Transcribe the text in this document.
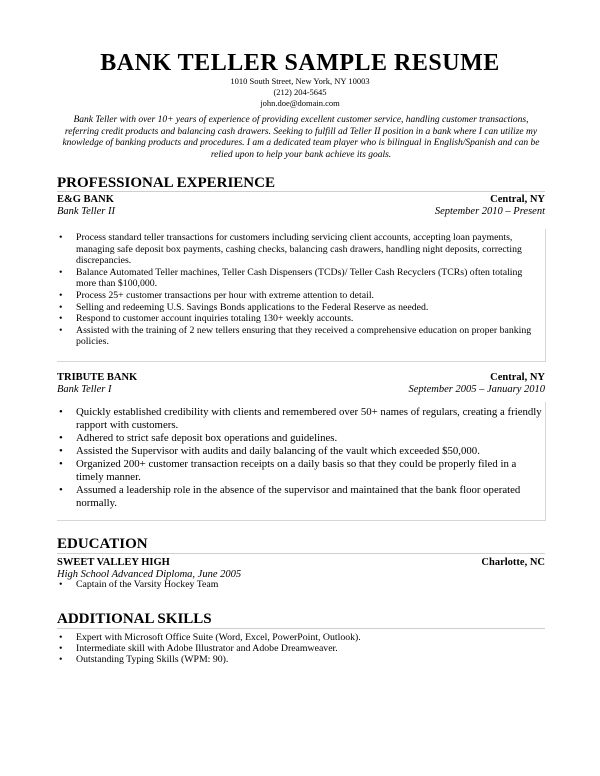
BANK TELLER SAMPLE RESUME
1010 South Street, New York, NY 10003
(212) 204-5645
john.doe@domain.com
Bank Teller with over 10+ years of experience of providing excellent customer service, handling customer transactions, referring credit products and balancing cash drawers. Seeking to fulfill ad Teller II position in a bank where I can utilize my knowledge of banking products and procedures. I am a dedicated team player who is bilingual in English/Spanish and can be relied upon to help your bank achieve its goals.
PROFESSIONAL EXPERIENCE
E&G BANK	Central, NY
Bank Teller II	September 2010 – Present
• Process standard teller transactions for customers including servicing client accounts, accepting loan payments, managing safe deposit box payments, cashing checks, balancing cash drawers, handling night deposits, correcting discrepancies.
• Balance Automated Teller machines, Teller Cash Dispensers (TCDs)/ Teller Cash Recyclers (TCRs) often totaling more than $100,000.
• Process 25+ customer transactions per hour with extreme attention to detail.
• Selling and redeeming U.S. Savings Bonds applications to the Federal Reserve as needed.
• Respond to customer account inquiries totaling 130+ weekly accounts.
• Assisted with the training of 2 new tellers ensuring that they received a comprehensive education on proper banking policies.
TRIBUTE BANK	Central, NY
Bank Teller I	September 2005 – January 2010
• Quickly established credibility with clients and remembered over 50+ names of regulars, creating a friendly rapport with customers.
• Adhered to strict safe deposit box operations and guidelines.
• Assisted the Supervisor with audits and daily balancing of the vault which exceeded $50,000.
• Organized 200+ customer transaction receipts on a daily basis so that they could be properly filed in a timely manner.
• Assumed a leadership role in the absence of the supervisor and maintained that the bank floor operated normally.
EDUCATION
SWEET VALLEY HIGH	Charlotte, NC
High School Advanced Diploma, June 2005
• Captain of the Varsity Hockey Team
ADDITIONAL SKILLS
• Expert with Microsoft Office Suite (Word, Excel, PowerPoint, Outlook).
• Intermediate skill with Adobe Illustrator and Adobe Dreamweaver.
• Outstanding Typing Skills (WPM: 90).
